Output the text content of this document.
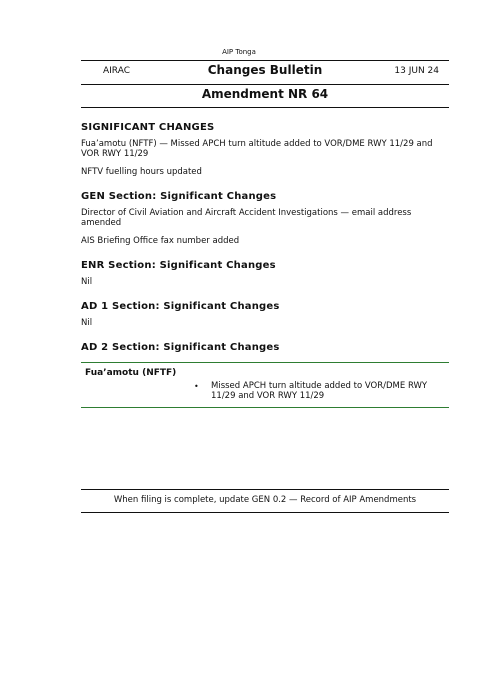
AIP Tonga
AIRAC	Changes Bulletin	13 JUN 24
Amendment NR 64
SIGNIFICANT CHANGES
Fua’amotu (NFTF) — Missed APCH turn altitude added to VOR/DME RWY 11/29 and VOR RWY 11/29
NFTV fuelling hours updated
GEN Section: Significant Changes
Director of Civil Aviation and Aircraft Accident Investigations — email address amended
AIS Briefing Office fax number added
ENR Section: Significant Changes
Nil
AD 1 Section: Significant Changes
Nil
AD 2 Section: Significant Changes
Fua’amotu (NFTF)
• Missed APCH turn altitude added to VOR/DME RWY 11/29 and VOR RWY 11/29
When filing is complete, update GEN 0.2 — Record of AIP Amendments
